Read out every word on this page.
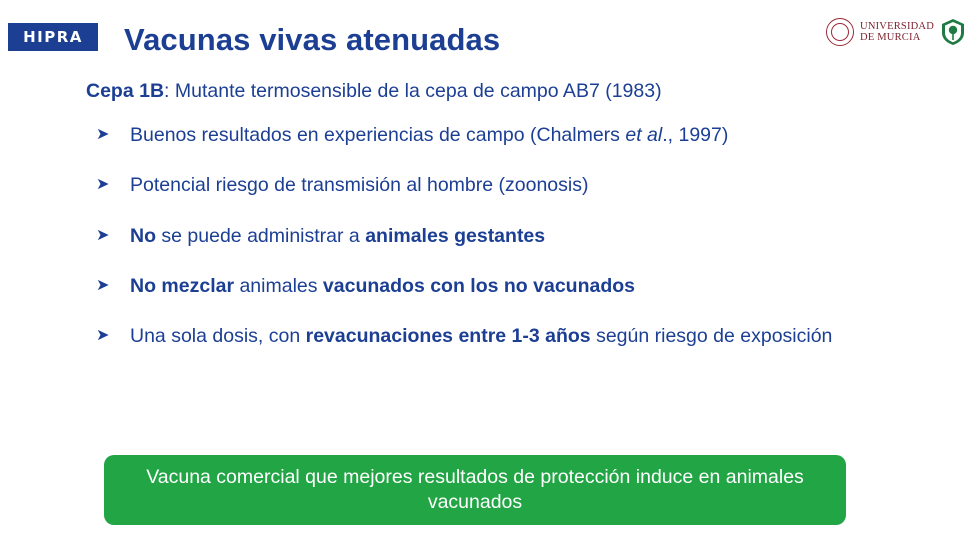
HIPRA
UNIVERSIDAD
DE MURCIA
Vacunas vivas atenuadas
Cepa 1B: Mutante termosensible de la cepa de campo AB7 (1983)
➤	Buenos resultados en experiencias de campo (Chalmers et al., 1997)
➤	Potencial riesgo de transmisión al hombre (zoonosis)
➤	No se puede administrar a animales gestantes
➤	No mezclar animales vacunados con los no vacunados
➤	Una sola dosis, con revacunaciones entre 1-3 años según riesgo de exposición
Vacuna comercial que mejores resultados de protección induce en animales vacunados
